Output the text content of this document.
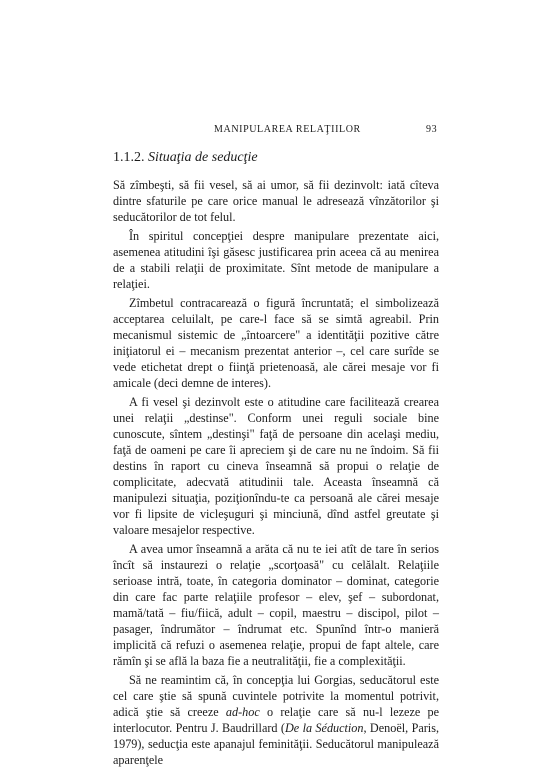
MANIPULAREA RELAŢIILOR	93
1.1.2. Situaţia de seducţie

Să zîmbeşti, să fii vesel, să ai umor, să fii dezinvolt: iată cîteva dintre sfaturile pe care orice manual le adresează vînzătorilor şi seducătorilor de tot felul.

În spiritul concepţiei despre manipulare prezentate aici, asemenea atitudini îşi găsesc justificarea prin aceea că au menirea de a stabili relaţii de proximitate. Sînt metode de manipulare a relaţiei.

Zîmbetul contracarează o figură încruntată; el simbolizează acceptarea celuilalt, pe care-l face să se simtă agreabil. Prin mecanismul sistemic de „întoarcere" a identităţii pozitive către iniţiatorul ei – mecanism prezentat anterior –, cel care surîde se vede etichetat drept o fiinţă prietenoasă, ale cărei mesaje vor fi amicale (deci demne de interes).

A fi vesel şi dezinvolt este o atitudine care facilitează crearea unei relaţii „destinse". Conform unei reguli sociale bine cunoscute, sîntem „destinşi" faţă de persoane din acelaşi mediu, faţă de oameni pe care îi apreciem şi de care nu ne îndoim. Să fii destins în raport cu cineva înseamnă să propui o relaţie de complicitate, adecvată atitudinii tale. Aceasta înseamnă că manipulezi situaţia, poziţionîndu-te ca persoană ale cărei mesaje vor fi lipsite de vicleşuguri şi minciună, dînd astfel greutate şi valoare mesajelor respective.

A avea umor înseamnă a arăta că nu te iei atît de tare în serios încît să instaurezi o relaţie „scorţoasă" cu celălalt. Relaţiile serioase intră, toate, în categoria dominator – dominat, categorie din care fac parte relaţiile profesor – elev, şef – subordonat, mamă/tată – fiu/fiică, adult – copil, maestru – discipol, pilot – pasager, îndrumător – îndrumat etc. Spunînd într-o manieră implicită că refuzi o asemenea relaţie, propui de fapt altele, care rămîn şi se află la baza fie a neutralităţii, fie a complexităţii.

Să ne reamintim că, în concepţia lui Gorgias, seducătorul este cel care ştie să spună cuvintele potrivite la momentul potrivit, adică ştie să creeze ad-hoc o relaţie care să nu-l lezeze pe interlocutor. Pentru J. Baudrillard (De la Séduction, Denoël, Paris, 1979), seducţia este apanajul feminităţii. Seducătorul manipulează aparenţele
